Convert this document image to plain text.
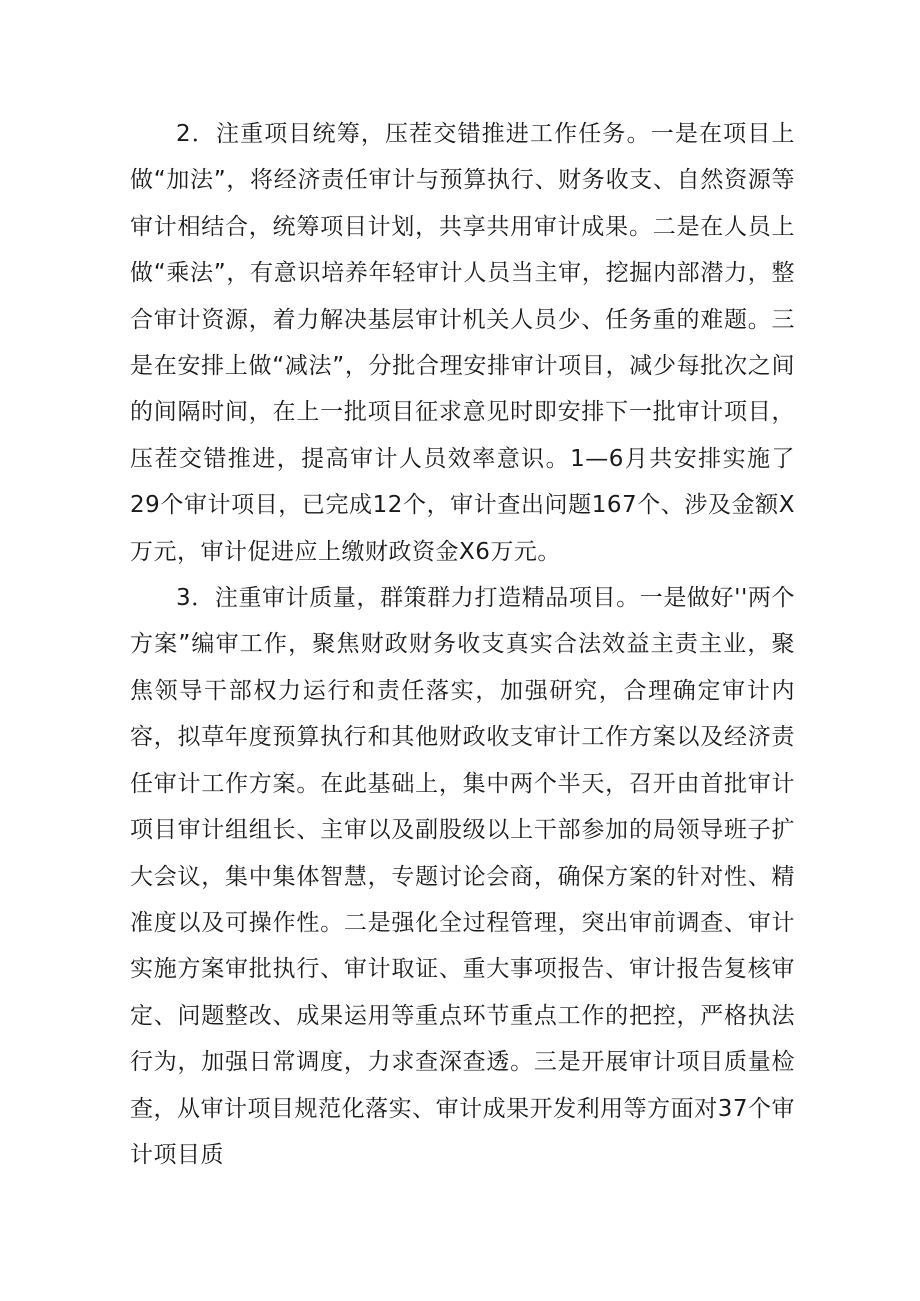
2．注重项目统筹，压茬交错推进工作任务。一是在项目上做“加法”，将经济责任审计与预算执行、财务收支、自然资源等审计相结合，统筹项目计划，共享共用审计成果。二是在人员上做“乘法”，有意识培养年轻审计人员当主审，挖掘内部潜力，整合审计资源，着力解决基层审计机关人员少、任务重的难题。三是在安排上做“减法”，分批合理安排审计项目，减少每批次之间的间隔时间，在上一批项目征求意见时即安排下一批审计项目，压茬交错推进，提高审计人员效率意识。1—6月共安排实施了29个审计项目，已完成12个，审计查出问题167个、涉及金额X万元，审计促进应上缴财政资金X6万元。

3．注重审计质量，群策群力打造精品项目。一是做好''两个方案”编审工作，聚焦财政财务收支真实合法效益主责主业，聚焦领导干部权力运行和责任落实，加强研究，合理确定审计内容，拟草年度预算执行和其他财政收支审计工作方案以及经济责任审计工作方案。在此基础上，集中两个半天，召开由首批审计项目审计组组长、主审以及副股级以上干部参加的局领导班子扩大会议，集中集体智慧，专题讨论会商，确保方案的针对性、精准度以及可操作性。二是强化全过程管理，突出审前调查、审计实施方案审批执行、审计取证、重大事项报告、审计报告复核审定、问题整改、成果运用等重点环节重点工作的把控，严格执法行为，加强日常调度，力求查深查透。三是开展审计项目质量检查，从审计项目规范化落实、审计成果开发利用等方面对37个审计项目质
